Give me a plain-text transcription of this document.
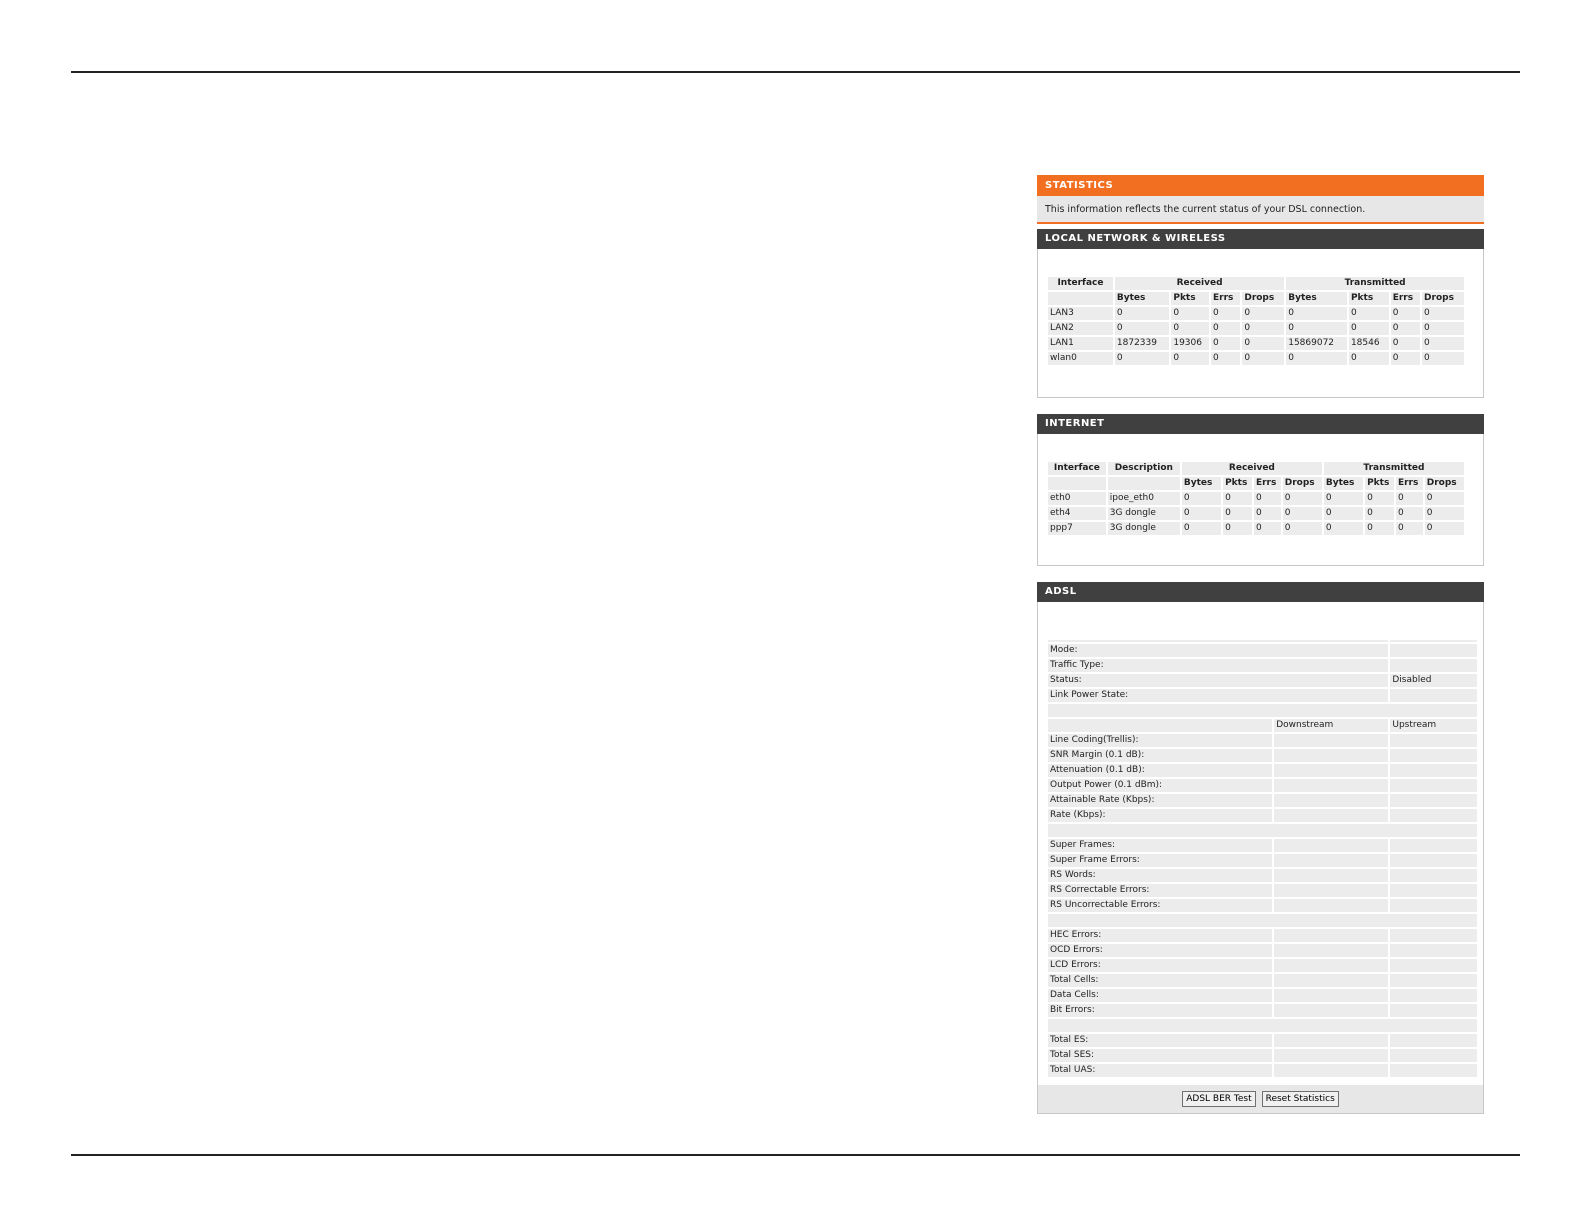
STATISTICS
This information reflects the current status of your DSL connection.
LOCAL NETWORK & WIRELESS
Interface	Received				Transmitted			
	Bytes	Pkts	Errs	Drops	Bytes	Pkts	Errs	Drops
LAN3	0	0	0	0	0	0	0	0
LAN2	0	0	0	0	0	0	0	0
LAN1	1872339	19306	0	0	15869072	18546	0	0
wlan0	0	0	0	0	0	0	0	0
INTERNET
Interface	Description	Received				Transmitted			
		Bytes	Pkts	Errs	Drops	Bytes	Pkts	Errs	Drops
eth0	ipoe_eth0	0	0	0	0	0	0	0	0
eth4	3G dongle	0	0	0	0	0	0	0	0
ppp7	3G dongle	0	0	0	0	0	0	0	0
ADSL

Mode:		
Traffic Type:		
Status:		Disabled
Link Power State:		

	Downstream	Upstream
Line Coding(Trellis):		
SNR Margin (0.1 dB):		
Attenuation (0.1 dB):		
Output Power (0.1 dBm):		
Attainable Rate (Kbps):		
Rate (Kbps):		

Super Frames:		
Super Frame Errors:		
RS Words:		
RS Correctable Errors:		
RS Uncorrectable Errors:		

HEC Errors:		
OCD Errors:		
LCD Errors:		
Total Cells:		
Data Cells:		
Bit Errors:		

Total ES:		
Total SES:		
Total UAS:		
ADSL BER Test	Reset Statistics
